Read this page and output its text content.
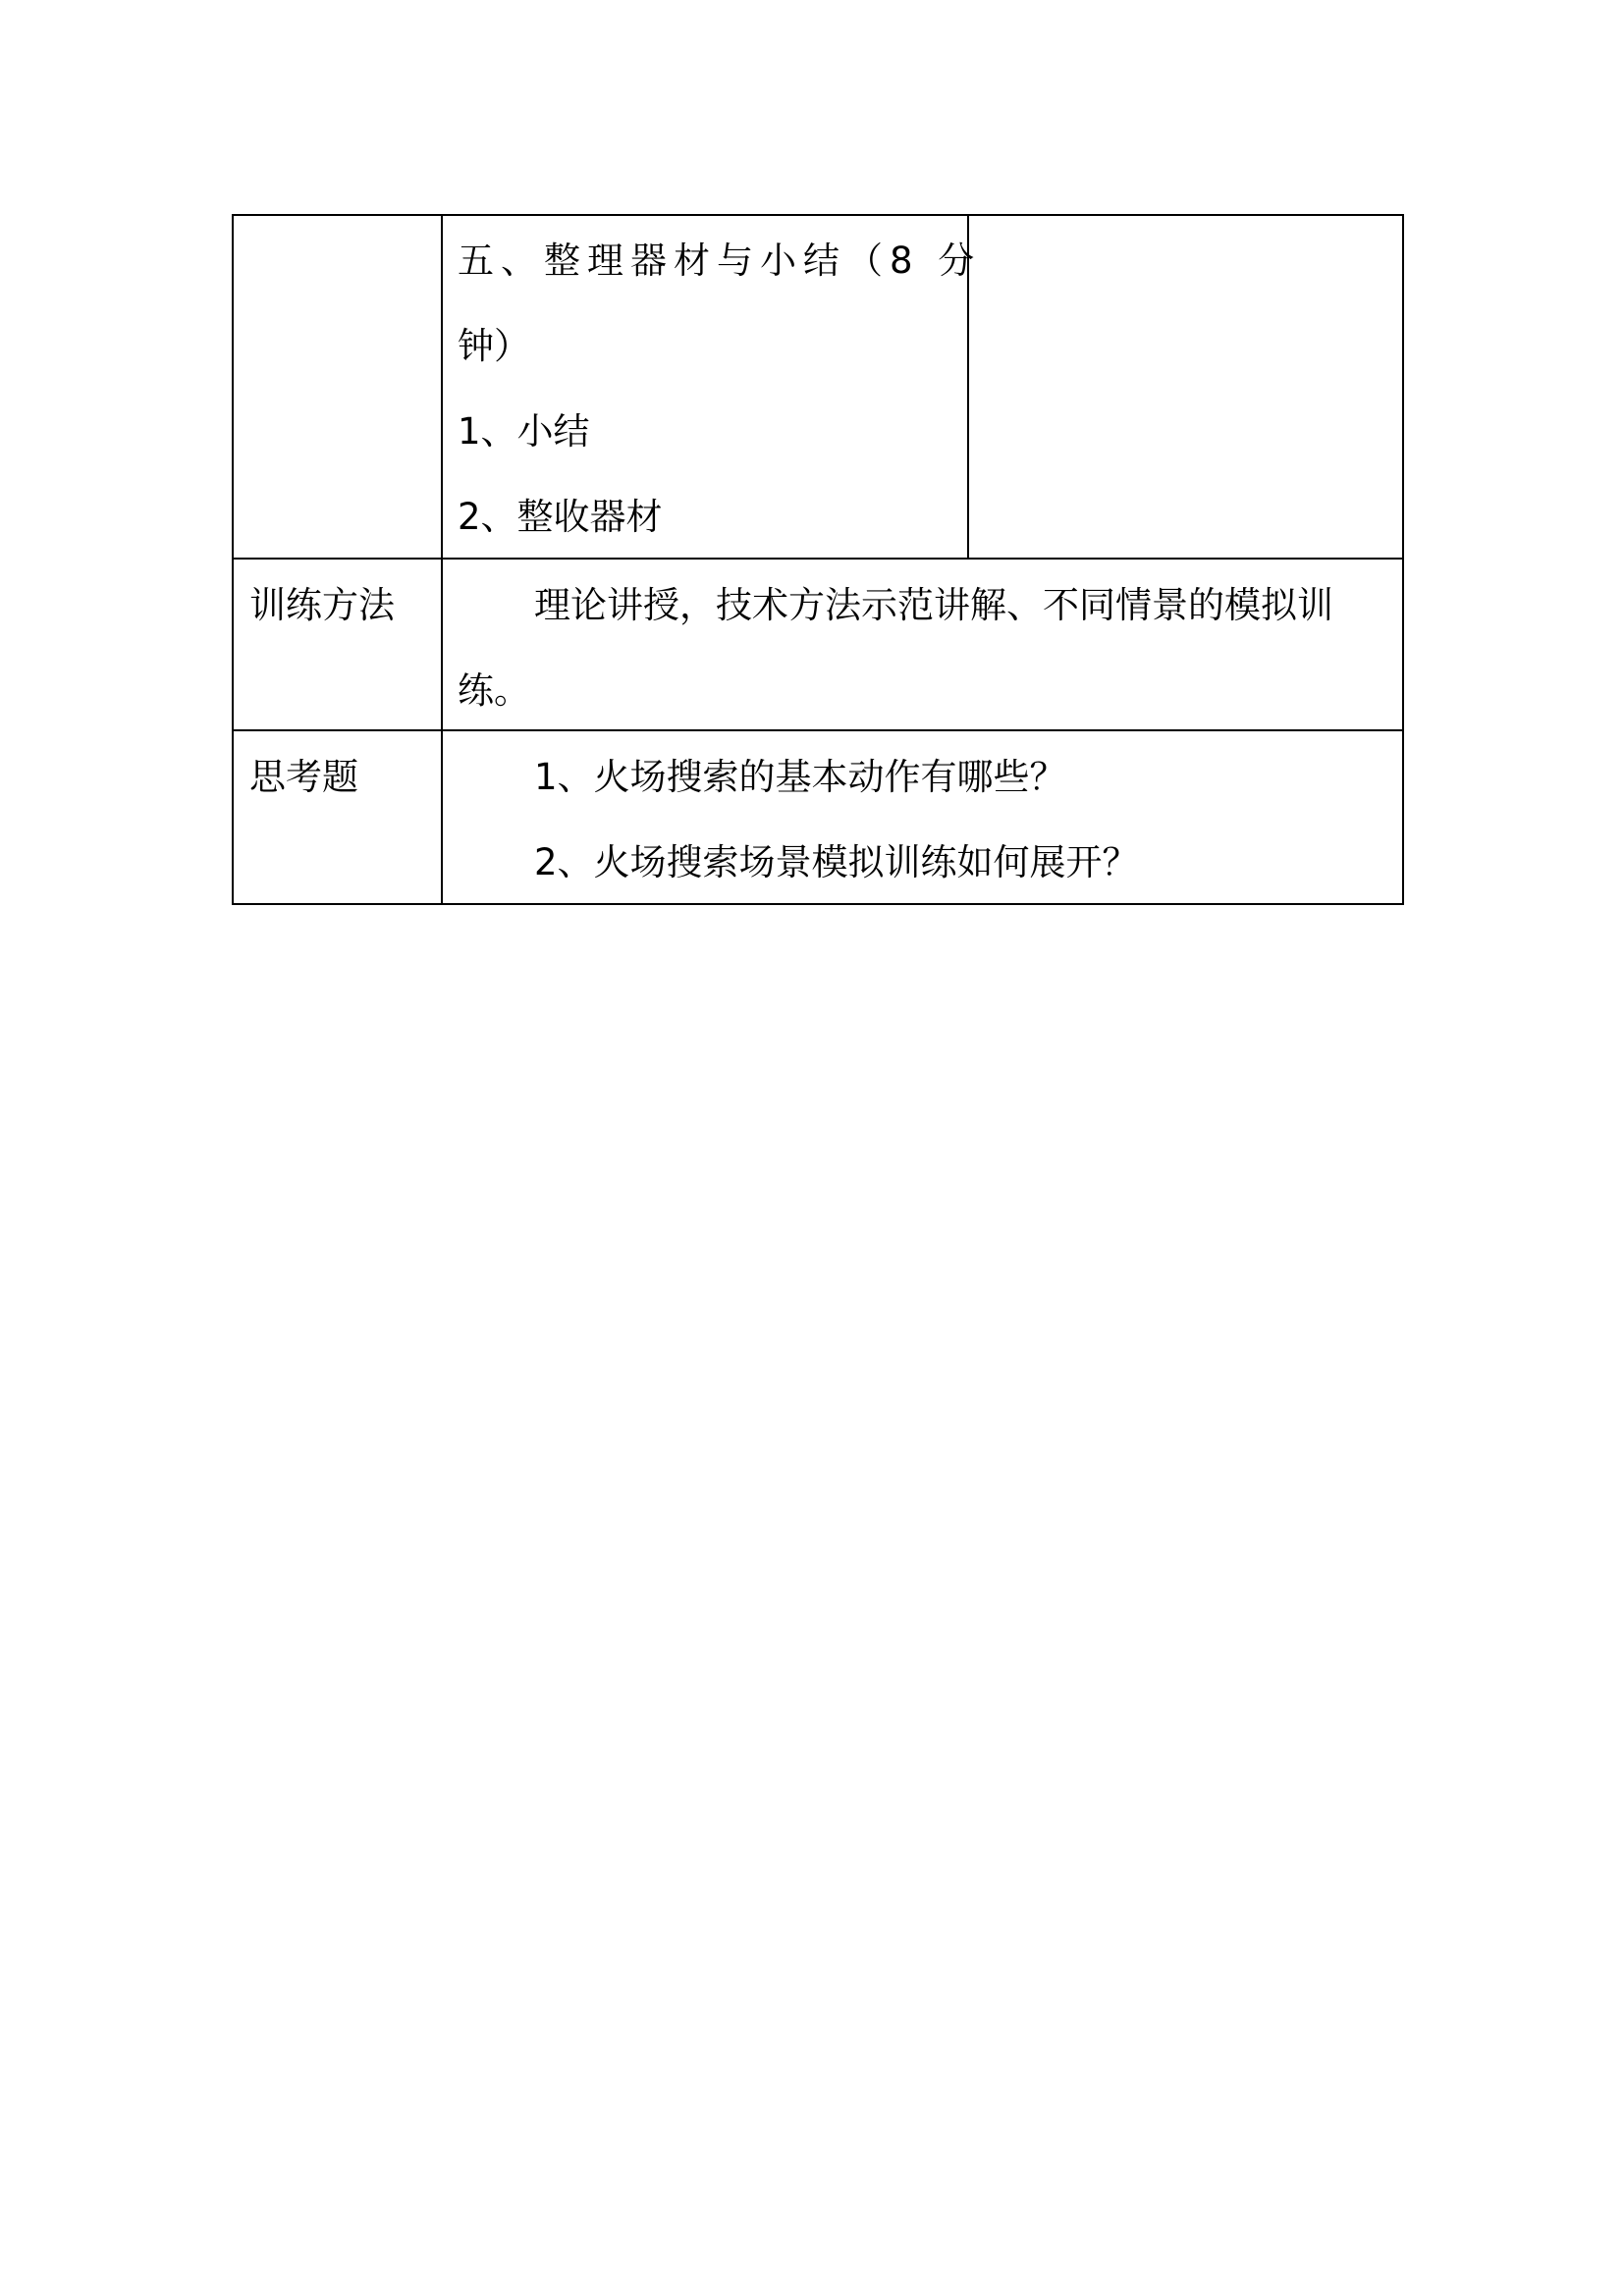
五、整理器材与小结（8 分
钟）
1、小结
2、整收器材
训练方法	理论讲授，技术方法示范讲解、不同情景的模拟训
练。
思考题	1、火场搜索的基本动作有哪些？
2、火场搜索场景模拟训练如何展开？
